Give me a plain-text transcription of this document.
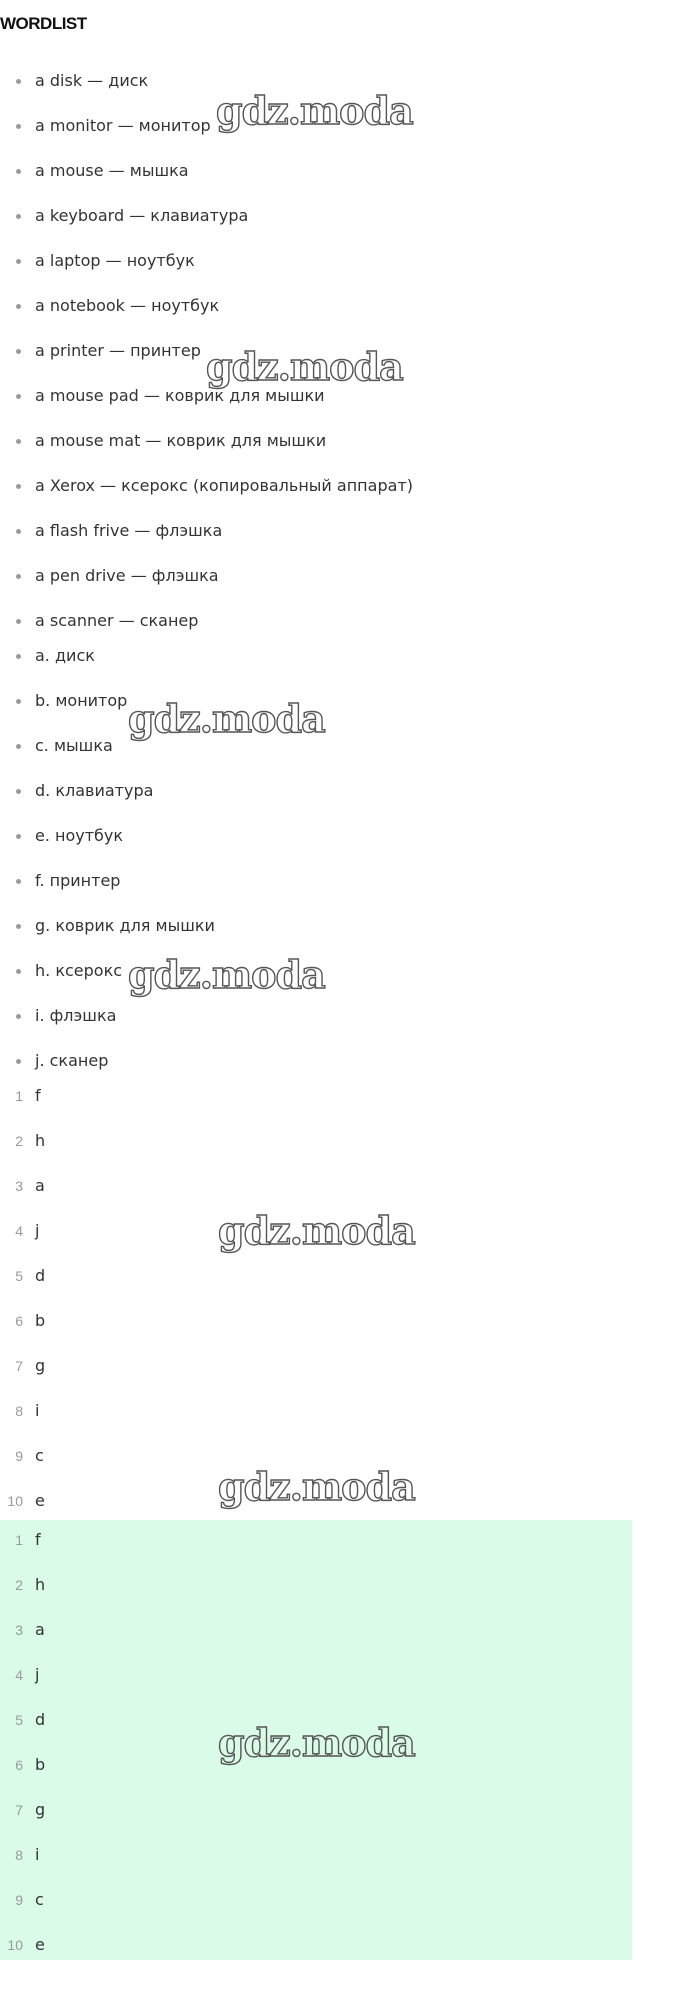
WORDLIST
a disk — диск
a monitor — монитор
a mouse — мышка
a keyboard — клавиатура
a laptop — ноутбук
a notebook — ноутбук
a printer — принтер
a mouse pad — коврик для мышки
a mouse mat — коврик для мышки
a Xerox — ксерокс (копировальный аппарат)
a flash frive — флэшка
a pen drive — флэшка
a scanner — сканер
a. диск
b. монитор
c. мышка
d. клавиатура
e. ноутбук
f. принтер
g. коврик для мышки
h. ксерокс
i. флэшка
j. сканер
1 f
2 h
3 a
4 j
5 d
6 b
7 g
8 i
9 c
10 e
1 f
2 h
3 a
4 j
5 d
6 b
7 g
8 i
9 c
10 e
gdz.moda
gdz.moda
gdz.moda
gdz.moda
gdz.moda
gdz.moda
